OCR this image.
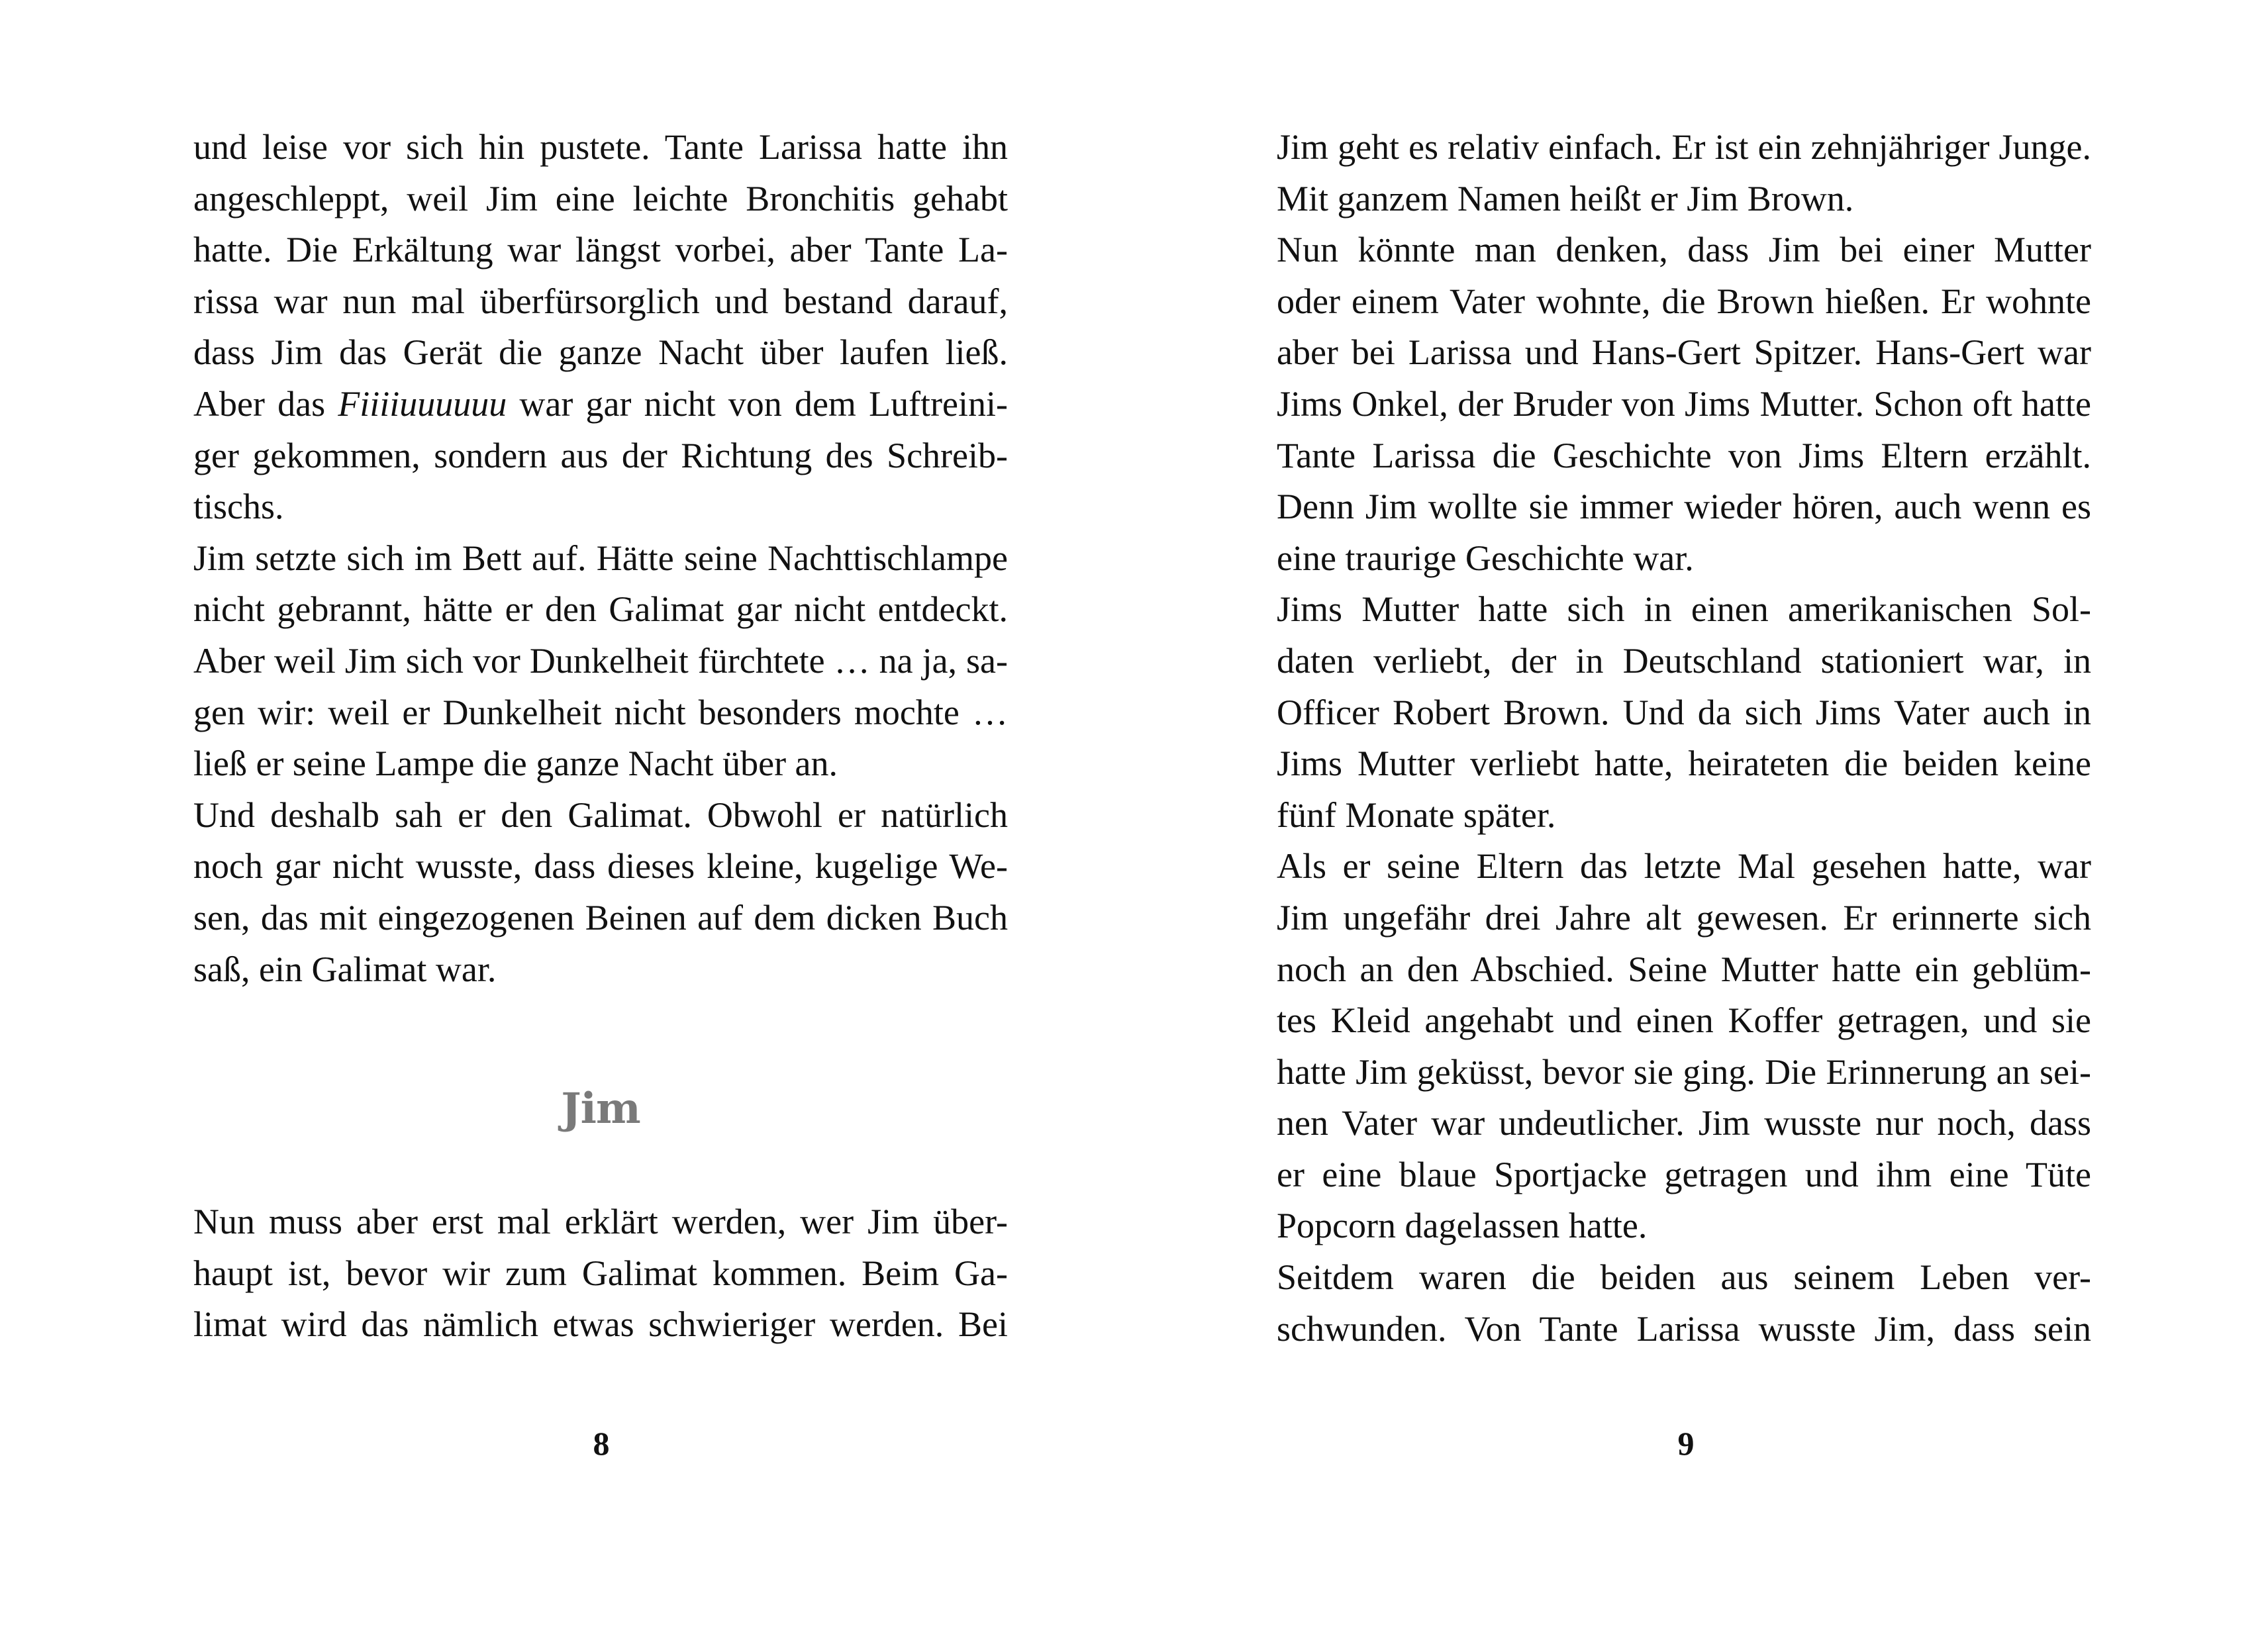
und leise vor sich hin pustete. Tante Larissa hatte ihn
angeschleppt, weil Jim eine leichte Bronchitis gehabt
hatte. Die Erkältung war längst vorbei, aber Tante La-
rissa war nun mal überfürsorglich und bestand darauf,
dass Jim das Gerät die ganze Nacht über laufen ließ.
Aber das Fiiiiuuuuuu war gar nicht von dem Luftreini-
ger gekommen, sondern aus der Richtung des Schreib-
tischs.
Jim setzte sich im Bett auf. Hätte seine Nachttischlampe
nicht gebrannt, hätte er den Galimat gar nicht entdeckt.
Aber weil Jim sich vor Dunkelheit fürchtete … na ja, sa-
gen wir: weil er Dunkelheit nicht besonders mochte …
ließ er seine Lampe die ganze Nacht über an.
Und deshalb sah er den Galimat. Obwohl er natürlich
noch gar nicht wusste, dass dieses kleine, kugelige We-
sen, das mit eingezogenen Beinen auf dem dicken Buch
saß, ein Galimat war.
Jim
Nun muss aber erst mal erklärt werden, wer Jim über-
haupt ist, bevor wir zum Galimat kommen. Beim Ga-
limat wird das nämlich etwas schwieriger werden. Bei
8
Jim geht es relativ einfach. Er ist ein zehnjähriger Junge.
Mit ganzem Namen heißt er Jim Brown.
Nun könnte man denken, dass Jim bei einer Mutter
oder einem Vater wohnte, die Brown hießen. Er wohnte
aber bei Larissa und Hans-Gert Spitzer. Hans-Gert war
Jims Onkel, der Bruder von Jims Mutter. Schon oft hatte
Tante Larissa die Geschichte von Jims Eltern erzählt.
Denn Jim wollte sie immer wieder hören, auch wenn es
eine traurige Geschichte war.
Jims Mutter hatte sich in einen amerikanischen Sol-
daten verliebt, der in Deutschland stationiert war, in
Officer Robert Brown. Und da sich Jims Vater auch in
Jims Mutter verliebt hatte, heirateten die beiden keine
fünf Monate später.
Als er seine Eltern das letzte Mal gesehen hatte, war
Jim ungefähr drei Jahre alt gewesen. Er erinnerte sich
noch an den Abschied. Seine Mutter hatte ein geblüm-
tes Kleid angehabt und einen Koffer getragen, und sie
hatte Jim geküsst, bevor sie ging. Die Erinnerung an sei-
nen Vater war undeutlicher. Jim wusste nur noch, dass
er eine blaue Sportjacke getragen und ihm eine Tüte
Popcorn dagelassen hatte.
Seitdem waren die beiden aus seinem Leben ver-
schwunden. Von Tante Larissa wusste Jim, dass sein
9
